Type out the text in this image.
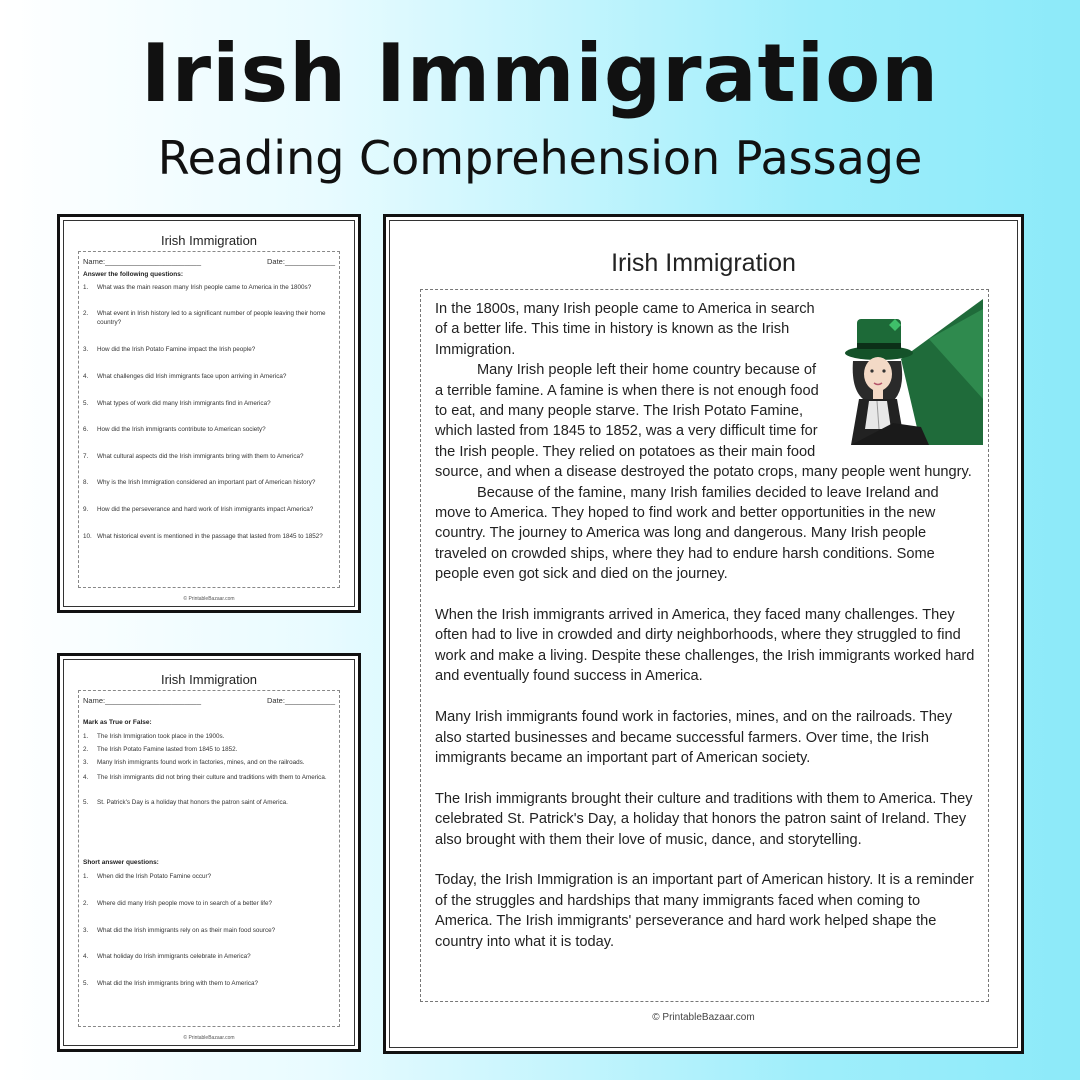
Irish Immigration
Reading Comprehension Passage
Irish Immigration
Name:_______________________	Date:____________
Answer the following questions:
1.	What was the main reason many Irish people came to America in the 1800s?
2.	What event in Irish history led to a significant number of people leaving their home country?
3.	How did the Irish Potato Famine impact the Irish people?
4.	What challenges did Irish immigrants face upon arriving in America?
5.	What types of work did many Irish immigrants find in America?
6.	How did the Irish immigrants contribute to American society?
7.	What cultural aspects did the Irish immigrants bring with them to America?
8.	Why is the Irish Immigration considered an important part of American history?
9.	How did the perseverance and hard work of Irish immigrants impact America?
10. What historical event is mentioned in the passage that lasted from 1845 to 1852?
© PrintableBazaar.com
Irish Immigration
Name:_______________________	Date:____________
Mark as True or False:
1.	The Irish Immigration took place in the 1900s.
2.	The Irish Potato Famine lasted from 1845 to 1852.
3.	Many Irish immigrants found work in factories, mines, and on the railroads.
4.	The Irish immigrants did not bring their culture and traditions with them to America.
5.	St. Patrick's Day is a holiday that honors the patron saint of America.
Short answer questions:
1.	When did the Irish Potato Famine occur?
2.	Where did many Irish people move to in search of a better life?
3.	What did the Irish immigrants rely on as their main food source?
4.	What holiday do Irish immigrants celebrate in America?
5.	What did the Irish immigrants bring with them to America?
© PrintableBazaar.com
Irish Immigration

In the 1800s, many Irish people came to America in search of a better life. This time in history is known as the Irish Immigration.

Many Irish people left their home country because of a terrible famine. A famine is when there is not enough food to eat, and many people starve. The Irish Potato Famine, which lasted from 1845 to 1852, was a very difficult time for the Irish people. They relied on potatoes as their main food source, and when a disease destroyed the potato crops, many people went hungry.

Because of the famine, many Irish families decided to leave Ireland and move to America. They hoped to find work and better opportunities in the new country. The journey to America was long and dangerous. Many Irish people traveled on crowded ships, where they had to endure harsh conditions. Some people even got sick and died on the journey.

When the Irish immigrants arrived in America, they faced many challenges. They often had to live in crowded and dirty neighborhoods, where they struggled to find work and make a living. Despite these challenges, the Irish immigrants worked hard and eventually found success in America.

Many Irish immigrants found work in factories, mines, and on the railroads. They also started businesses and became successful farmers. Over time, the Irish immigrants became an important part of American society.

The Irish immigrants brought their culture and traditions with them to America. They celebrated St. Patrick's Day, a holiday that honors the patron saint of Ireland. They also brought with them their love of music, dance, and storytelling.

Today, the Irish Immigration is an important part of American history. It is a reminder of the struggles and hardships that many immigrants faced when coming to America. The Irish immigrants' perseverance and hard work helped shape the country into what it is today.

© PrintableBazaar.com
